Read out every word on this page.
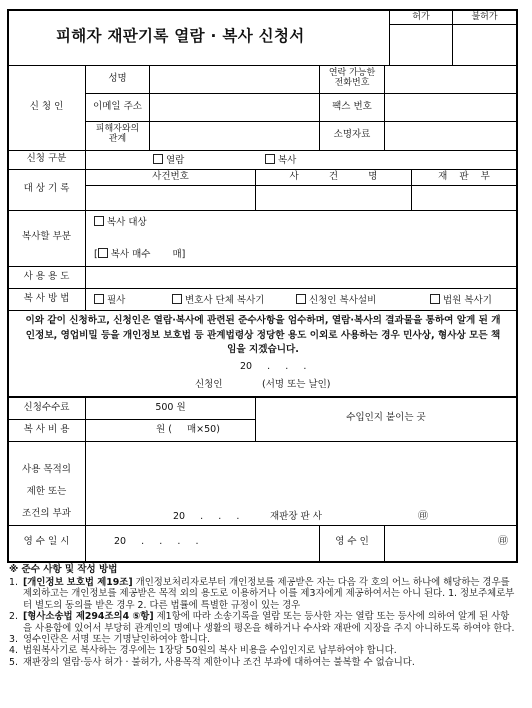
피해자 재판기록 열람 · 복사 신청서
허가	불허가
신 청 인
성명	연락 가능한
전화번호
이메일 주소	팩스 번호
피해자와의
관계	소명자료
신청 구분	열람	복사
대 상 기 록
사건번호	사          건          명	재    판    부
복사할 부분
복사 대상
[ 복사 매수 매]
사 용 용 도
복 사 방 법	필사	변호사 단체 복사기	신청인 복사설비	법원 복사기
이와 같이 신청하고, 신청인은 열람·복사에 관련된 준수사항을 엄수하며, 열람·복사의 결과물을 통하여 알게 된 개인정보, 영업비밀 등을 개인정보 보호법 등 관계법령상 정당한 용도 이외로 사용하는 경우 민사상, 형사상 모든 책임을 지겠습니다.
20     .     .     .
신청인	(서명 또는 날인)
신청수수료	500 원
수입인지 붙이는 곳
복 사 비 용	원 (     매×50)
사용 목적의
제한 또는
조건의 부과	20     .     .     .	재판장 판 사	㊞
영 수 일 시	20     .     .     .     .	영 수 인	㊞
※ 준수 사항 및 작성 방법
1. [개인정보 보호법 제19조] 개인정보처리자로부터 개인정보를 제공받은 자는 다음 각 호의 어느 하나에 해당하는 경우를 제외하고는 개인정보를 제공받은 목적 외의 용도로 이용하거나 이를 제3자에게 제공하여서는 아니 된다. 1. 정보주체로부터 별도의 동의를 받은 경우 2. 다른 법률에 특별한 규정이 있는 경우
2. [형사소송법 제294조의4 ⑤항] 제1항에 따라 소송기록을 열람 또는 등사한 자는 열람 또는 등사에 의하여 알게 된 사항을 사용함에 있어서 부당히 관계인의 명예나 생활의 평온을 해하거나 수사와 재판에 지장을 주지 아니하도록 하여야 한다.
3. 영수인란은 서명 또는 기명날인하여야 합니다.
4. 법원복사기로 복사하는 경우에는 1장당 50원의 복사 비용을 수입인지로 납부하여야 합니다.
5. 재판장의 열람·등사 허가 · 불허가, 사용목적 제한이나 조건 부과에 대하여는 불복할 수 없습니다.
